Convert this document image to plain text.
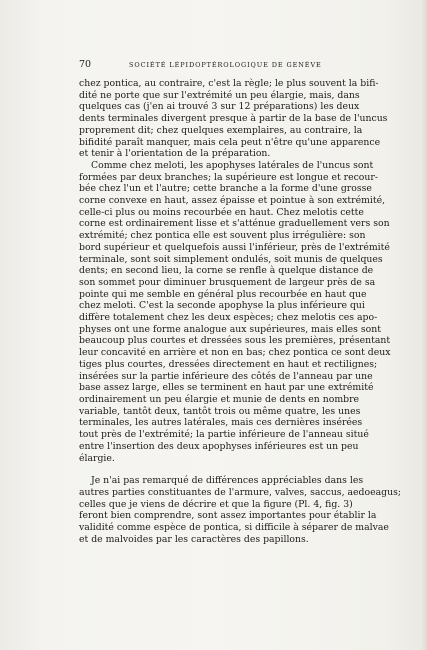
70	SOCIÉTÉ LÉPIDOPTÉROLOGIQUE DE GENÈVE
chez pontica, au contraire, c'est la règle; le plus souvent la bifi-
dité ne porte que sur l'extrémité un peu élargie, mais, dans
quelques cas (j'en ai trouvé 3 sur 12 préparations) les deux
dents terminales divergent presque à partir de la base de l'uncus
proprement dit; chez quelques exemplaires, au contraire, la
bifidité paraît manquer, mais cela peut n'être qu'une apparence
et tenir à l'orientation de la préparation.
Comme chez meloti, les apophyses latérales de l'uncus sont
formées par deux branches; la supérieure est longue et recour-
bée chez l'un et l'autre; cette branche a la forme d'une grosse
corne convexe en haut, assez épaisse et pointue à son extrémité,
celle-ci plus ou moins recourbée en haut. Chez melotis cette
corne est ordinairement lisse et s'atténue graduellement vers son
extrémité; chez pontica elle est souvent plus irrégulière: son
bord supérieur et quelquefois aussi l'inférieur, près de l'extrémité
terminale, sont soit simplement ondulés, soit munis de quelques
dents; en second lieu, la corne se renfle à quelque distance de
son sommet pour diminuer brusquement de largeur près de sa
pointe qui me semble en général plus recourbée en haut que
chez meloti. C'est la seconde apophyse la plus inférieure qui
diffère totalement chez les deux espèces; chez melotis ces apo-
physes ont une forme analogue aux supérieures, mais elles sont
beaucoup plus courtes et dressées sous les premières, présentant
leur concavité en arrière et non en bas; chez pontica ce sont deux
tiges plus courtes, dressées directement en haut et rectilignes;
insérées sur la partie inférieure des côtés de l'anneau par une
base assez large, elles se terminent en haut par une extrémité
ordinairement un peu élargie et munie de dents en nombre
variable, tantôt deux, tantôt trois ou même quatre, les unes
terminales, les autres latérales, mais ces dernières insérées
tout près de l'extrémité; la partie inférieure de l'anneau situé
entre l'insertion des deux apophyses inférieures est un peu
élargie.
Je n'ai pas remarqué de différences appréciables dans les
autres parties constituantes de l'armure, valves, saccus, aedoeagus;
celles que je viens de décrire et que la figure (Pl. 4, fig. 3)
feront bien comprendre, sont assez importantes pour établir la
validité comme espèce de pontica, si difficile à séparer de malvae
et de malvoides par les caractères des papillons.
